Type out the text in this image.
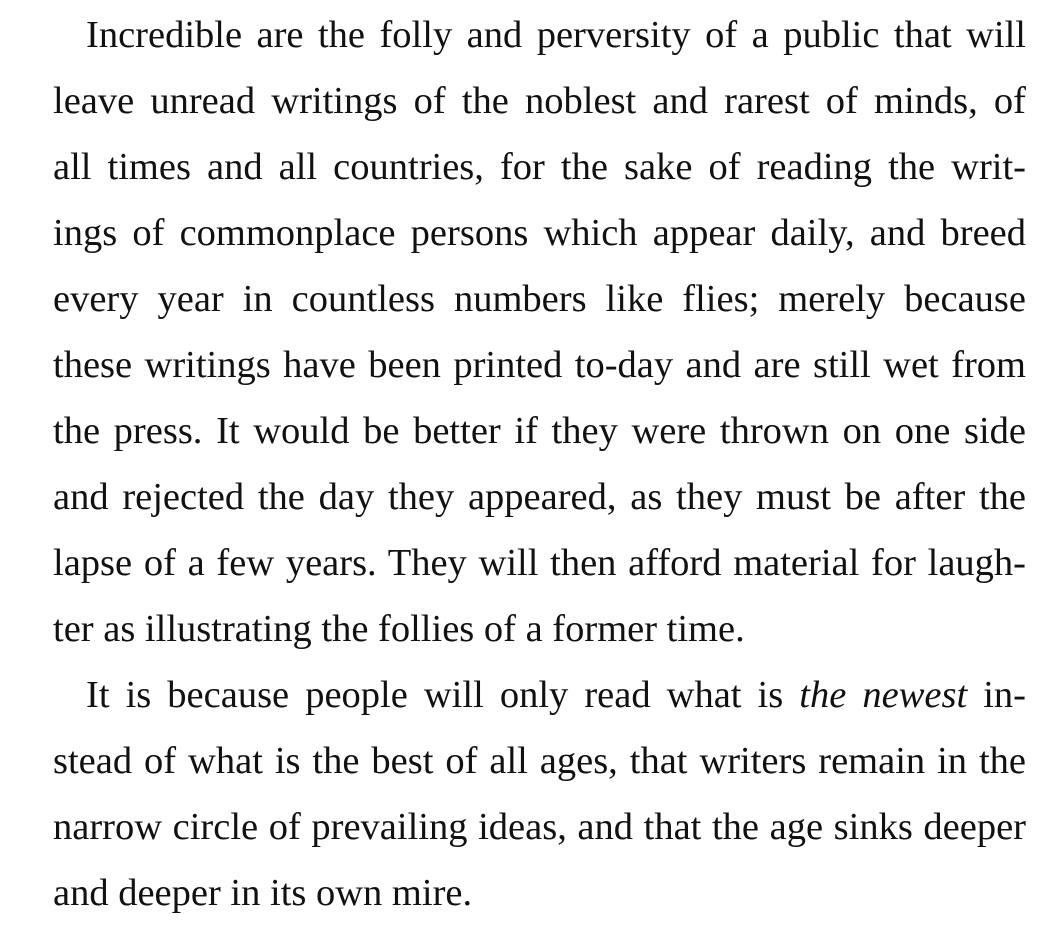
Incredible are the folly and perversity of a public that will
leave unread writings of the noblest and rarest of minds, of
all times and all countries, for the sake of reading the writ-
ings of commonplace persons which appear daily, and breed
every year in countless numbers like flies; merely because
these writings have been printed to-day and are still wet from
the press. It would be better if they were thrown on one side
and rejected the day they appeared, as they must be after the
lapse of a few years. They will then afford material for laugh-
ter as illustrating the follies of a former time.
It is because people will only read what is the newest in-
stead of what is the best of all ages, that writers remain in the
narrow circle of prevailing ideas, and that the age sinks deeper
and deeper in its own mire.
